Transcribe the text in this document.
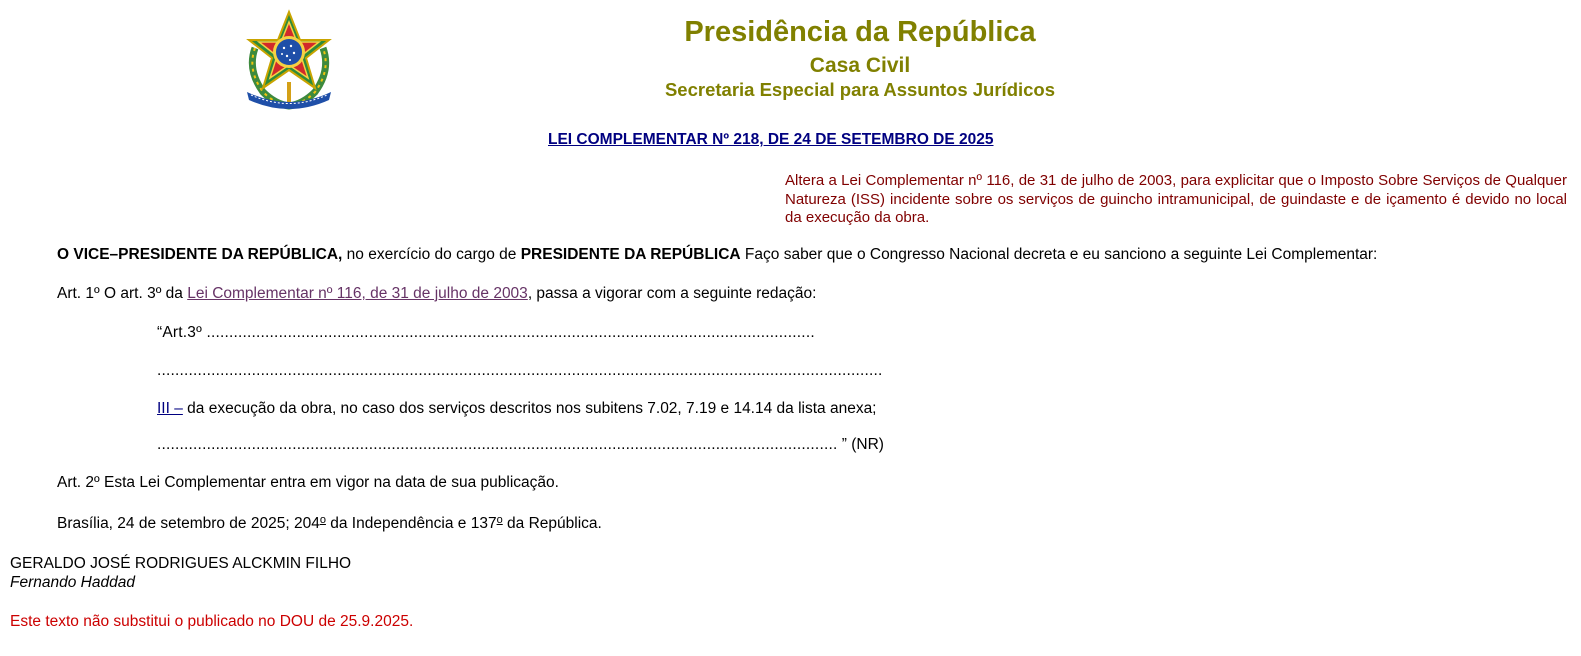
Presidência da República
Casa Civil
Secretaria Especial para Assuntos Jurídicos
LEI COMPLEMENTAR Nº 218, DE 24 DE SETEMBRO DE 2025
Altera a Lei Complementar nº 116, de 31 de julho de 2003, para explicitar que o Imposto Sobre Serviços de Qualquer Natureza (ISS) incidente sobre os serviços de guincho intramunicipal, de guindaste e de içamento é devido no local da execução da obra.
O VICE–PRESIDENTE DA REPÚBLICA, no exercício do cargo de PRESIDENTE DA REPÚBLICA Faço saber que o Congresso Nacional decreta e eu sanciono a seguinte Lei Complementar:
Art. 1º O art. 3º da Lei Complementar nº 116, de 31 de julho de 2003, passa a vigorar com a seguinte redação:
“Art.3º .......................................................................................................................................
.................................................................................................................................................................
III – da execução da obra, no caso dos serviços descritos nos subitens 7.02, 7.19 e 14.14 da lista anexa;
....................................................................................................................................................... ” (NR)
Art. 2º Esta Lei Complementar entra em vigor na data de sua publicação.
Brasília, 24 de setembro de 2025; 204$^o$ da Independência e 137$^o$ da República.
GERALDO JOSÉ RODRIGUES ALCKMIN FILHO
Fernando Haddad
Este texto não substitui o publicado no DOU de 25.9.2025.
